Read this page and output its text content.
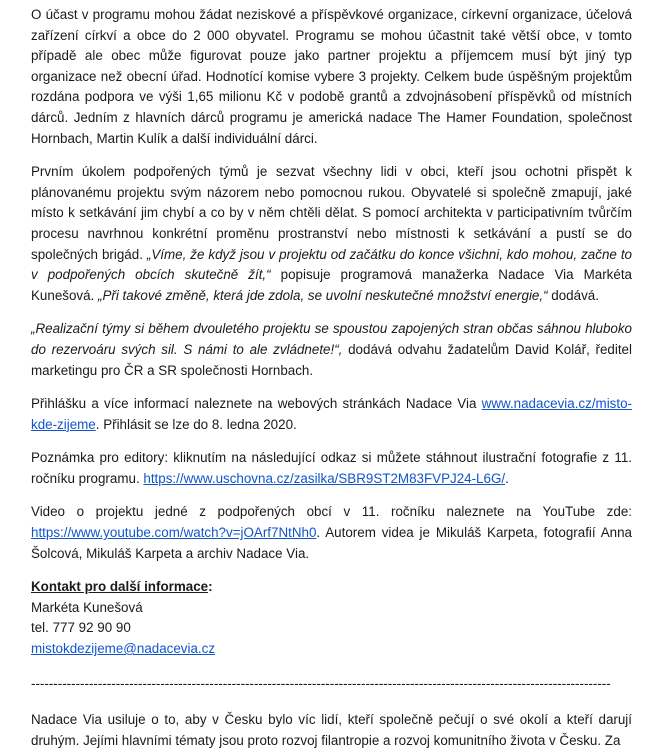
O účast v programu mohou žádat neziskové a příspěvkové organizace, církevní organizace, účelová zařízení církví a obce do 2 000 obyvatel. Programu se mohou účastnit také větší obce, v tomto případě ale obec může figurovat pouze jako partner projektu a příjemcem musí být jiný typ organizace než obecní úřad. Hodnotící komise vybere 3 projekty. Celkem bude úspěšným projektům rozdána podpora ve výši 1,65 milionu Kč v podobě grantů a zdvojnásobení příspěvků od místních dárců. Jedním z hlavních dárců programu je americká nadace The Hamer Foundation, společnost Hornbach, Martin Kulík a další individuální dárci.

Prvním úkolem podpořených týmů je sezvat všechny lidi v obci, kteří jsou ochotni přispět k plánovanému projektu svým názorem nebo pomocnou rukou. Obyvatelé si společně zmapují, jaké místo k setkávání jim chybí a co by v něm chtěli dělat. S pomocí architekta v participativním tvůrčím procesu navrhnou konkrétní proměnu prostranství nebo místnosti k setkávání a pustí se do společných brigád. „Víme, že když jsou v projektu od začátku do konce všichni, kdo mohou, začne to v podpořených obcích skutečně žít,“ popisuje programová manažerka Nadace Via Markéta Kunešová. „Při takové změně, která jde zdola, se uvolní neskutečné množství energie,“ dodává.

„Realizační týmy si během dvouletého projektu se spoustou zapojených stran občas sáhnou hluboko do rezervoáru svých sil. S námi to ale zvládnete!“, dodává odvahu žadatelům David Kolář, ředitel marketingu pro ČR a SR společnosti Hornbach.

Přihlášku a více informací naleznete na webových stránkách Nadace Via www.nadacevia.cz/misto-kde-zijeme. Přihlásit se lze do 8. ledna 2020.

Poznámka pro editory: kliknutím na následující odkaz si můžete stáhnout ilustrační fotografie z 11. ročníku programu. https://www.uschovna.cz/zasilka/SBR9ST2M83FVPJ24-L6G/.

Video o projektu jedné z podpořených obcí v 11. ročníku naleznete na YouTube zde: https://www.youtube.com/watch?v=jOArf7NtNh0. Autorem videa je Mikuláš Karpeta, fotografií Anna Šolcová, Mikuláš Karpeta a archiv Nadace Via.

Kontakt pro další informace:

Markéta Kunešová

tel. 777 92 90 90

mistokdezijeme@nadacevia.cz

----------------------------------------------------------------------------------------------------------------------------------

Nadace Via usiluje o to, aby v Česku bylo víc lidí, kteří společně pečují o své okolí a kteří darují druhým. Jejími hlavními tématy jsou proto rozvoj filantropie a rozvoj komunitního života v Česku. Za
